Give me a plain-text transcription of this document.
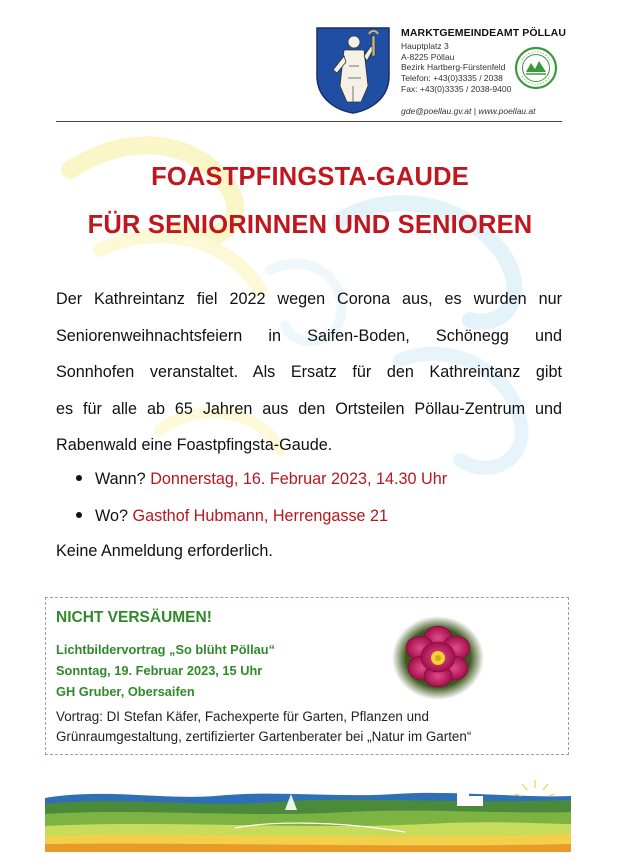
MARKTGEMEINDEAMT PÖLLAU
Hauptplatz 3
A-8225 Pöllau
Bezirk Hartberg-Fürstenfeld
Telefon: +43(0)3335 / 2038
Fax: +43(0)3335 / 2038-9400
gde@poellau.gv.at | www.poellau.at
FOASTPFINGSTA-GAUDE
FÜR SENIORINNEN UND SENIOREN
Der Kathreintanz fiel 2022 wegen Corona aus, es wurden nur
Seniorenweihnachtsfeiern in Saifen-Boden, Schönegg und
Sonnhofen veranstaltet. Als Ersatz für den Kathreintanz gibt
es für alle ab 65 Jahren aus den Ortsteilen Pöllau-Zentrum und
Rabenwald eine Foastpfingsta-Gaude.
Wann? Donnerstag, 16. Februar 2023, 14.30 Uhr
Wo? Gasthof Hubmann, Herrengasse 21
Keine Anmeldung erforderlich.
NICHT VERSÄUMEN!
Lichtbildervortrag „So blüht Pöllau“
Sonntag, 19. Februar 2023, 15 Uhr
GH Gruber, Obersaifen
Vortrag: DI Stefan Käfer, Fachexperte für Garten, Pflanzen und
Grünraumgestaltung, zertifizierter Gartenberater bei „Natur im Garten“
